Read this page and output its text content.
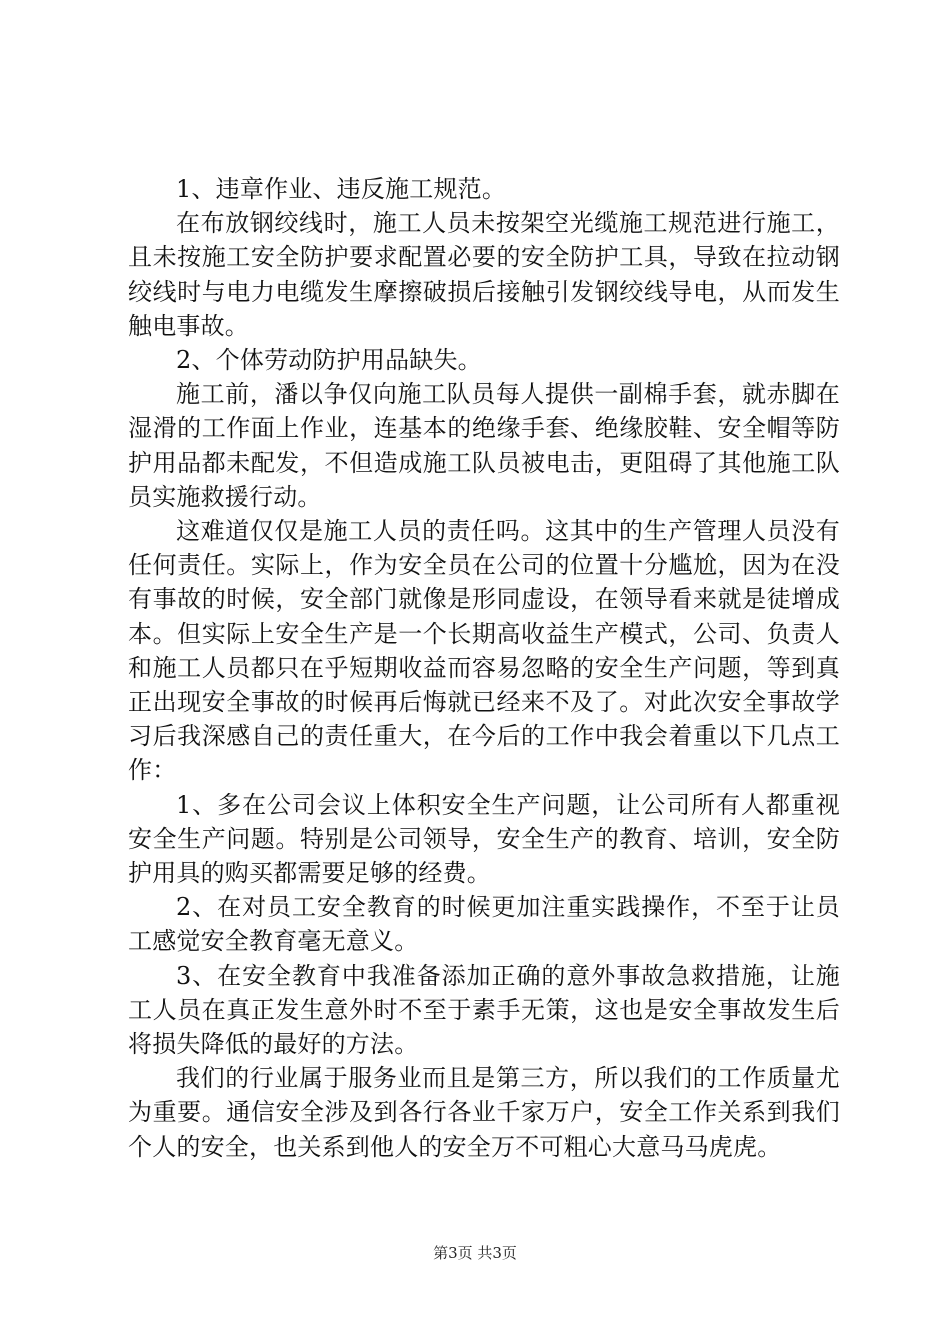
1、违章作业、违反施工规范。

在布放钢绞线时，施工人员未按架空光缆施工规范进行施工，且未按施工安全防护要求配置必要的安全防护工具，导致在拉动钢绞线时与电力电缆发生摩擦破损后接触引发钢绞线导电，从而发生触电事故。

2、个体劳动防护用品缺失。

施工前，潘以争仅向施工队员每人提供一副棉手套，就赤脚在湿滑的工作面上作业，连基本的绝缘手套、绝缘胶鞋、安全帽等防护用品都未配发，不但造成施工队员被电击，更阻碍了其他施工队员实施救援行动。

这难道仅仅是施工人员的责任吗。这其中的生产管理人员没有任何责任。实际上，作为安全员在公司的位置十分尴尬，因为在没有事故的时候，安全部门就像是形同虚设，在领导看来就是徒增成本。但实际上安全生产是一个长期高收益生产模式，公司、负责人和施工人员都只在乎短期收益而容易忽略的安全生产问题，等到真正出现安全事故的时候再后悔就已经来不及了。对此次安全事故学习后我深感自己的责任重大，在今后的工作中我会着重以下几点工作：

1、多在公司会议上体积安全生产问题，让公司所有人都重视安全生产问题。特别是公司领导，安全生产的教育、培训，安全防护用具的购买都需要足够的经费。

2、在对员工安全教育的时候更加注重实践操作，不至于让员工感觉安全教育毫无意义。

3、在安全教育中我准备添加正确的意外事故急救措施，让施工人员在真正发生意外时不至于素手无策，这也是安全事故发生后将损失降低的最好的方法。

我们的行业属于服务业而且是第三方，所以我们的工作质量尤为重要。通信安全涉及到各行各业千家万户，安全工作关系到我们个人的安全，也关系到他人的安全万不可粗心大意马马虎虎。

第3页 共3页
